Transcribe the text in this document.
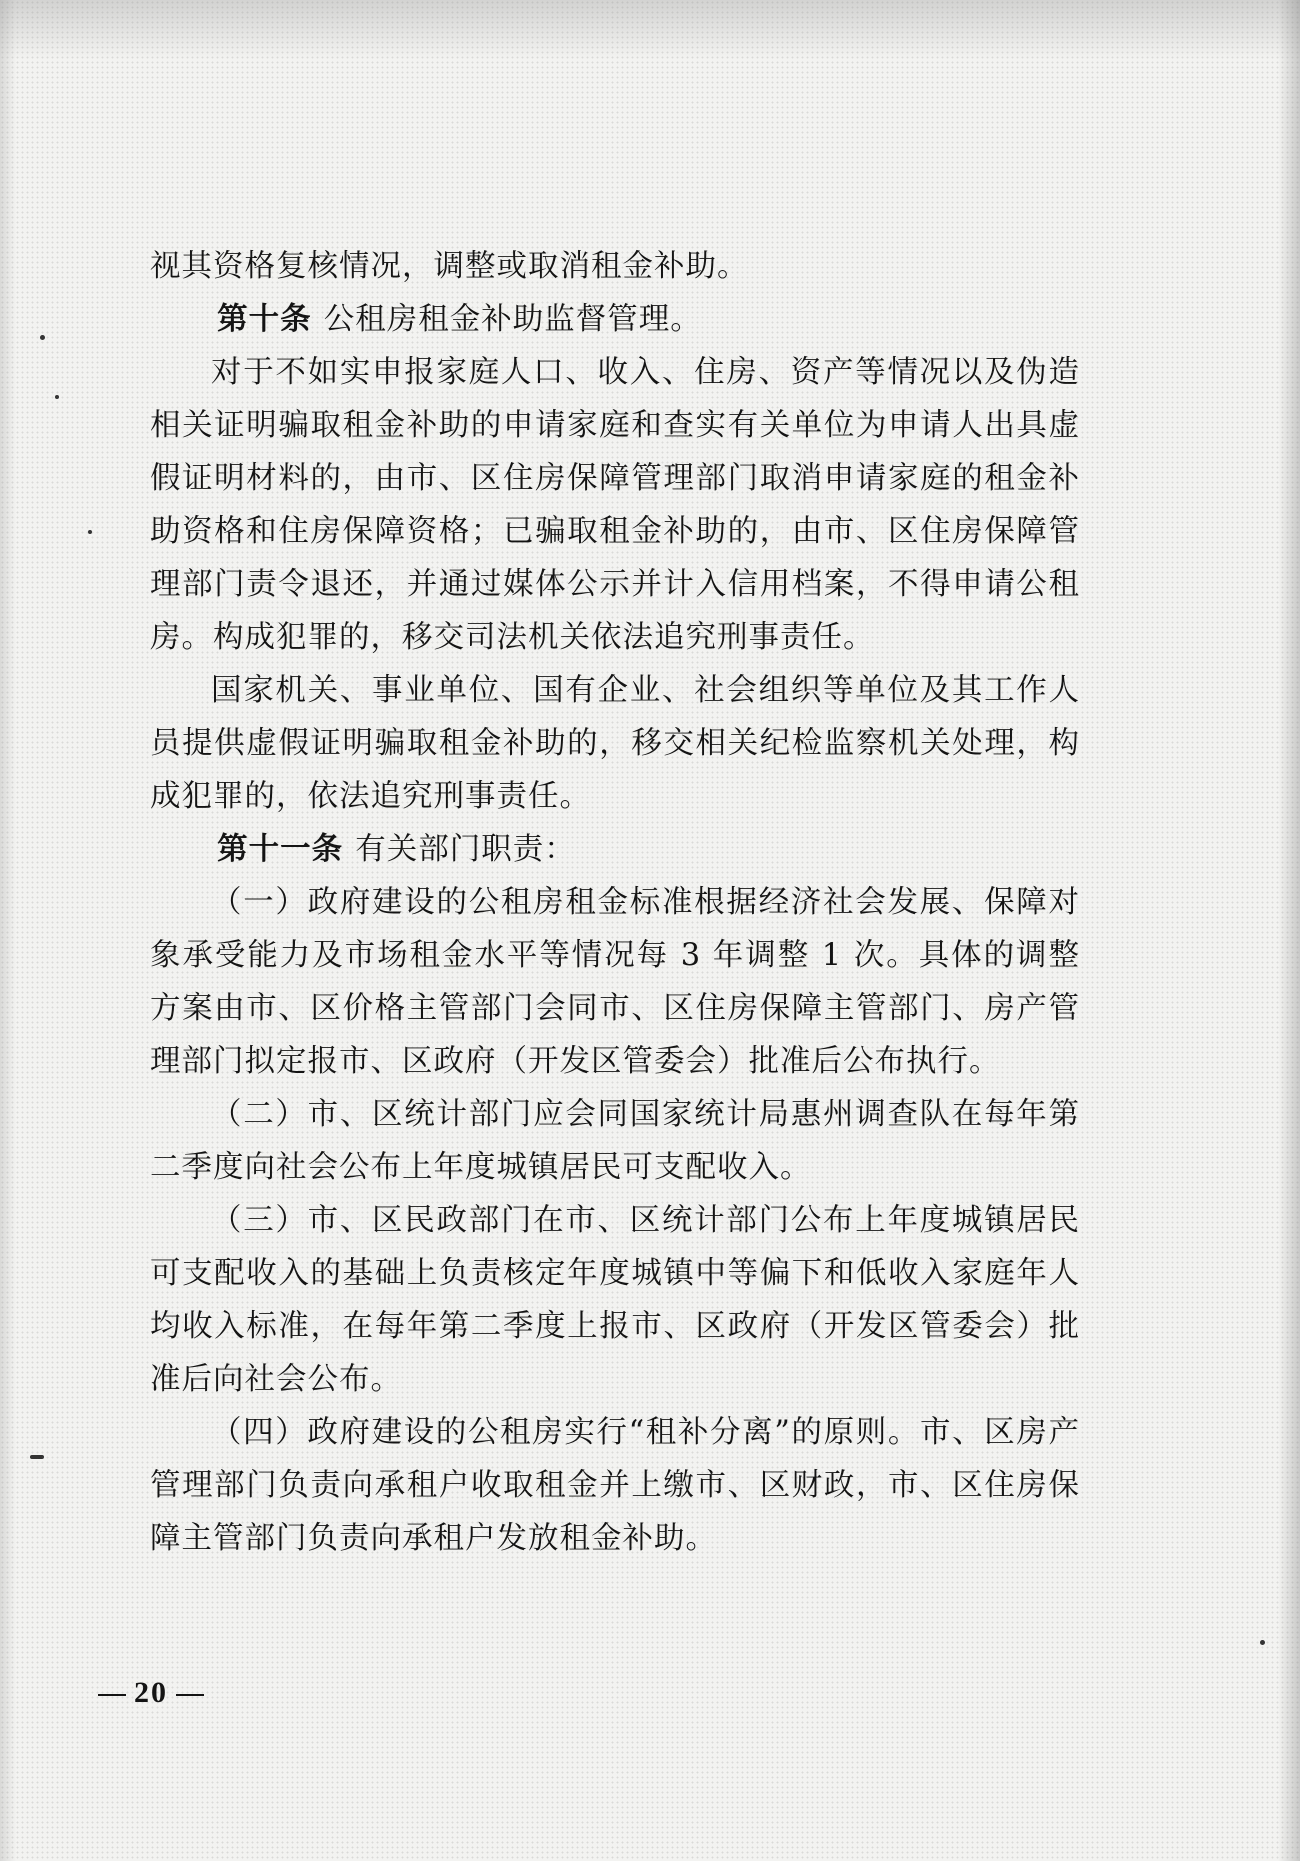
视其资格复核情况，调整或取消租金补助。

第十条 公租房租金补助监督管理。

对于不如实申报家庭人口、收入、住房、资产等情况以及伪造相关证明骗取租金补助的申请家庭和查实有关单位为申请人出具虚假证明材料的，由市、区住房保障管理部门取消申请家庭的租金补助资格和住房保障资格；已骗取租金补助的，由市、区住房保障管理部门责令退还，并通过媒体公示并计入信用档案，不得申请公租房。构成犯罪的，移交司法机关依法追究刑事责任。

国家机关、事业单位、国有企业、社会组织等单位及其工作人员提供虚假证明骗取租金补助的，移交相关纪检监察机关处理，构成犯罪的，依法追究刑事责任。

第十一条 有关部门职责：

（一）政府建设的公租房租金标准根据经济社会发展、保障对象承受能力及市场租金水平等情况每 3 年调整 1 次。具体的调整方案由市、区价格主管部门会同市、区住房保障主管部门、房产管理部门拟定报市、区政府（开发区管委会）批准后公布执行。

（二）市、区统计部门应会同国家统计局惠州调查队在每年第二季度向社会公布上年度城镇居民可支配收入。

（三）市、区民政部门在市、区统计部门公布上年度城镇居民可支配收入的基础上负责核定年度城镇中等偏下和低收入家庭年人均收入标准，在每年第二季度上报市、区政府（开发区管委会）批准后向社会公布。

（四）政府建设的公租房实行“租补分离”的原则。市、区房产管理部门负责向承租户收取租金并上缴市、区财政，市、区住房保障主管部门负责向承租户发放租金补助。

20
